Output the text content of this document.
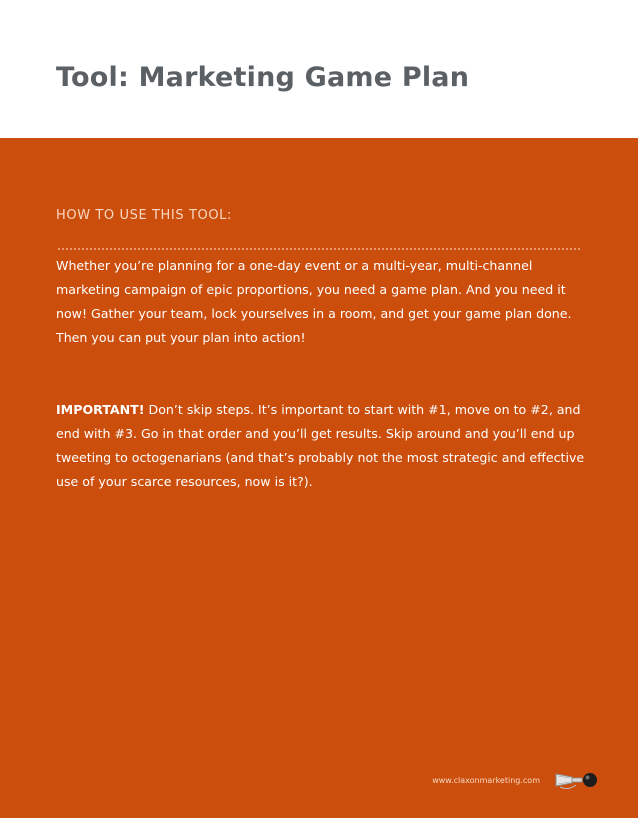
Tool: Marketing Game Plan
HOW TO USE THIS TOOL:

Whether you’re planning for a one-day event or a multi-year, multi-channel marketing campaign of epic proportions, you need a game plan. And you need it now! Gather your team, lock yourselves in a room, and get your game plan done. Then you can put your plan into action!

IMPORTANT! Don’t skip steps. It’s important to start with #1, move on to #2, and end with #3. Go in that order and you’ll get results. Skip around and you’ll end up tweeting to octogenarians (and that’s probably not the most strategic and effective use of your scarce resources, now is it?).

www.claxonmarketing.com
